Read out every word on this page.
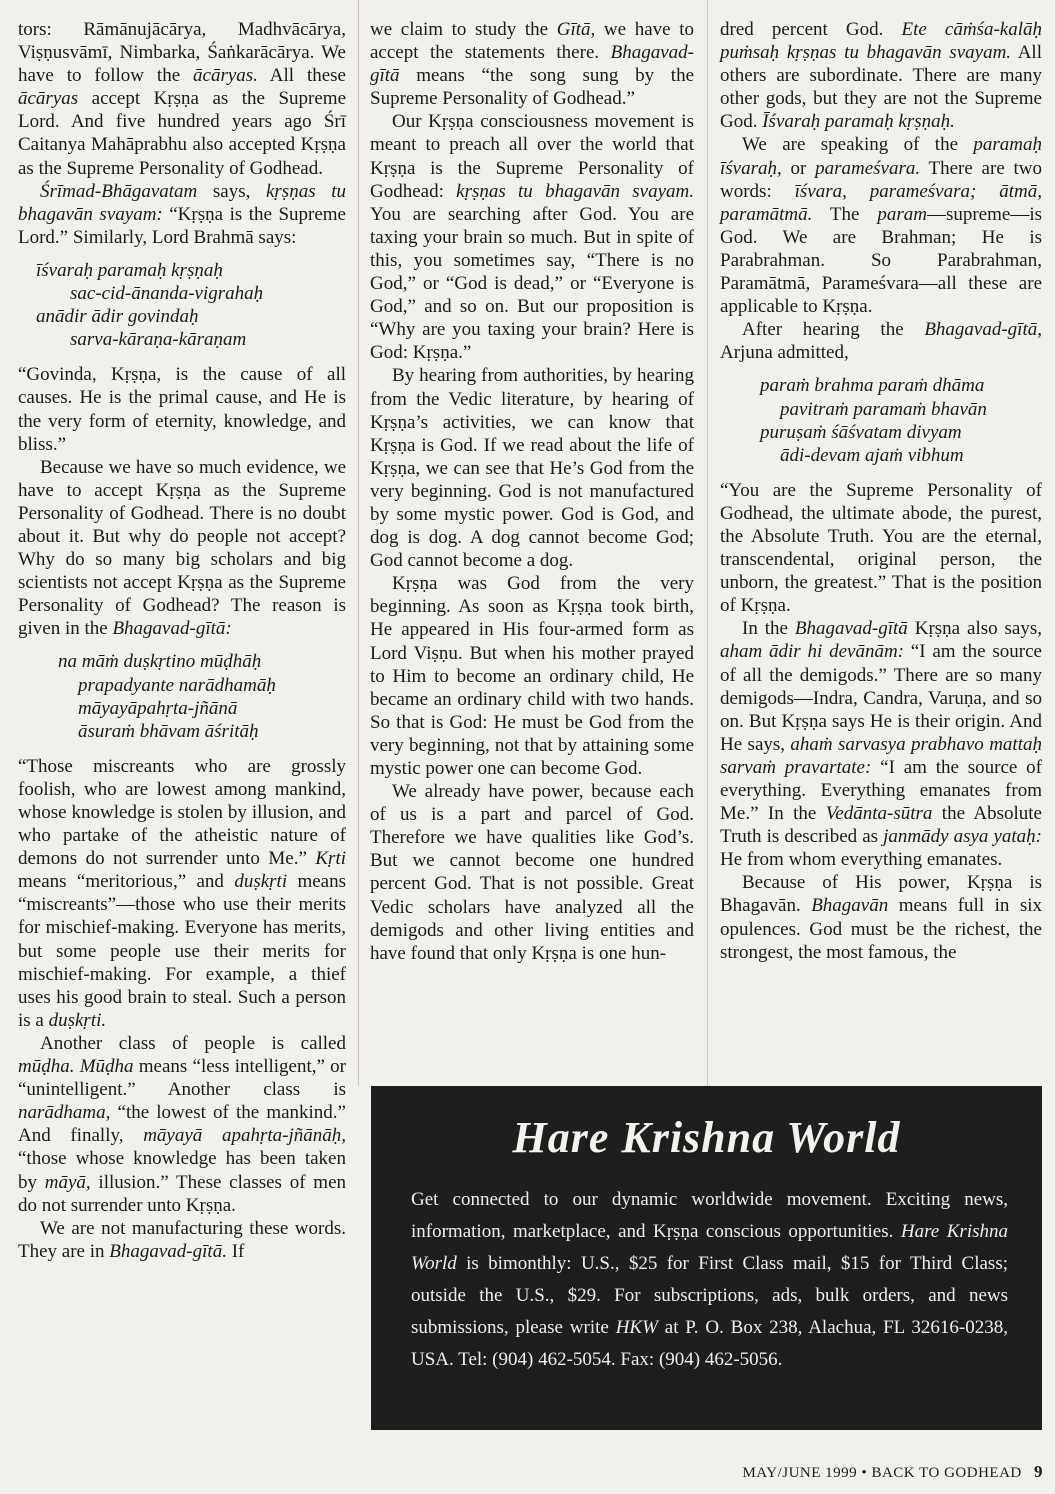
tors: Rāmānujācārya, Madhvācārya, Viṣṇusvāmī, Nimbarka, Śaṅkarācārya. We have to follow the ācāryas. All these ācāryas accept Kṛṣṇa as the Supreme Lord. And five hundred years ago Śrī Caitanya Mahāprabhu also accepted Kṛṣṇa as the Supreme Personality of Godhead.

Śrīmad-Bhāgavatam says, kṛṣṇas tu bhagavān svayam: “Kṛṣṇa is the Supreme Lord.” Similarly, Lord Brahmā says:

īśvaraḥ paramaḥ kṛṣṇaḥ
sac-cid-ānanda-vigrahaḥ
anādir ādir govindaḥ
sarva-kāraṇa-kāraṇam

“Govinda, Kṛṣṇa, is the cause of all causes. He is the primal cause, and He is the very form of eternity, knowledge, and bliss.”

Because we have so much evidence, we have to accept Kṛṣṇa as the Supreme Personality of Godhead. There is no doubt about it. But why do people not accept? Why do so many big scholars and big scientists not accept Kṛṣṇa as the Supreme Personality of Godhead? The reason is given in the Bhagavad-gītā:

na māṁ duṣkṛtino mūḍhāḥ
prapadyante narādhamāḥ
māyayāpahṛta-jñānā
āsuraṁ bhāvam āśritāḥ

“Those miscreants who are grossly foolish, who are lowest among mankind, whose knowledge is stolen by illusion, and who partake of the atheistic nature of demons do not surrender unto Me.” Kṛti means “meritorious,” and duṣkṛti means “miscreants”—those who use their merits for mischief-making. Everyone has merits, but some people use their merits for mischief-making. For example, a thief uses his good brain to steal. Such a person is a duṣkṛti.

Another class of people is called mūḍha. Mūḍha means “less intelligent,” or “unintelligent.” Another class is narādhama, “the lowest of the mankind.” And finally, māyayā apahṛta-jñānāḥ, “those whose knowledge has been taken by māyā, illusion.” These classes of men do not surrender unto Kṛṣṇa.

We are not manufacturing these words. They are in Bhagavad-gītā. If

we claim to study the Gītā, we have to accept the statements there. Bhagavad-gītā means “the song sung by the Supreme Personality of Godhead.”

Our Kṛṣṇa consciousness movement is meant to preach all over the world that Kṛṣṇa is the Supreme Personality of Godhead: kṛṣṇas tu bhagavān svayam. You are searching after God. You are taxing your brain so much. But in spite of this, you sometimes say, “There is no God,” or “God is dead,” or “Everyone is God,” and so on. But our proposition is “Why are you taxing your brain? Here is God: Kṛṣṇa.”

By hearing from authorities, by hearing from the Vedic literature, by hearing of Kṛṣṇa’s activities, we can know that Kṛṣṇa is God. If we read about the life of Kṛṣṇa, we can see that He’s God from the very beginning. God is not manufactured by some mystic power. God is God, and dog is dog. A dog cannot become God; God cannot become a dog.

Kṛṣṇa was God from the very beginning. As soon as Kṛṣṇa took birth, He appeared in His four-armed form as Lord Viṣṇu. But when his mother prayed to Him to become an ordinary child, He became an ordinary child with two hands. So that is God: He must be God from the very beginning, not that by attaining some mystic power one can become God.

We already have power, because each of us is a part and parcel of God. Therefore we have qualities like God’s. But we cannot become one hundred percent God. That is not possible. Great Vedic scholars have analyzed all the demigods and other living entities and have found that only Kṛṣṇa is one hun-

dred percent God. Ete cāṁśa-kalāḥ puṁsaḥ kṛṣṇas tu bhagavān svayam. All others are subordinate. There are many other gods, but they are not the Supreme God. Īśvaraḥ paramaḥ kṛṣṇaḥ.

We are speaking of the paramaḥ īśvaraḥ, or parameśvara. There are two words: īśvara, parameśvara; ātmā, paramātmā. The param—supreme—is God. We are Brahman; He is Parabrahman. So Parabrahman, Paramātmā, Parameśvara—all these are applicable to Kṛṣṇa.

After hearing the Bhagavad-gītā, Arjuna admitted,

paraṁ brahma paraṁ dhāma
pavitraṁ paramaṁ bhavān
puruṣaṁ śāśvatam divyam
ādi-devam ajaṁ vibhum

“You are the Supreme Personality of Godhead, the ultimate abode, the purest, the Absolute Truth. You are the eternal, transcendental, original person, the unborn, the greatest.” That is the position of Kṛṣṇa.

In the Bhagavad-gītā Kṛṣṇa also says, aham ādir hi devānām: “I am the source of all the demigods.” There are so many demigods—Indra, Candra, Varuṇa, and so on. But Kṛṣṇa says He is their origin. And He says, ahaṁ sarvasya prabhavo mattaḥ sarvaṁ pravartate: “I am the source of everything. Everything emanates from Me.” In the Vedānta-sūtra the Absolute Truth is described as janmādy asya yataḥ: He from whom everything emanates.

Because of His power, Kṛṣṇa is Bhagavān. Bhagavān means full in six opulences. God must be the richest, the strongest, the most famous, the

Hare Krishna World
Get connected to our dynamic worldwide movement. Exciting news, information, marketplace, and Kṛṣṇa conscious opportunities. Hare Krishna World is bimonthly: U.S., $25 for First Class mail, $15 for Third Class; outside the U.S., $29. For subscriptions, ads, bulk orders, and news submissions, please write HKW at P. O. Box 238, Alachua, FL 32616-0238, USA. Tel: (904) 462-5054. Fax: (904) 462-5056.
MAY/JUNE 1999 • BACK TO GODHEAD 9
